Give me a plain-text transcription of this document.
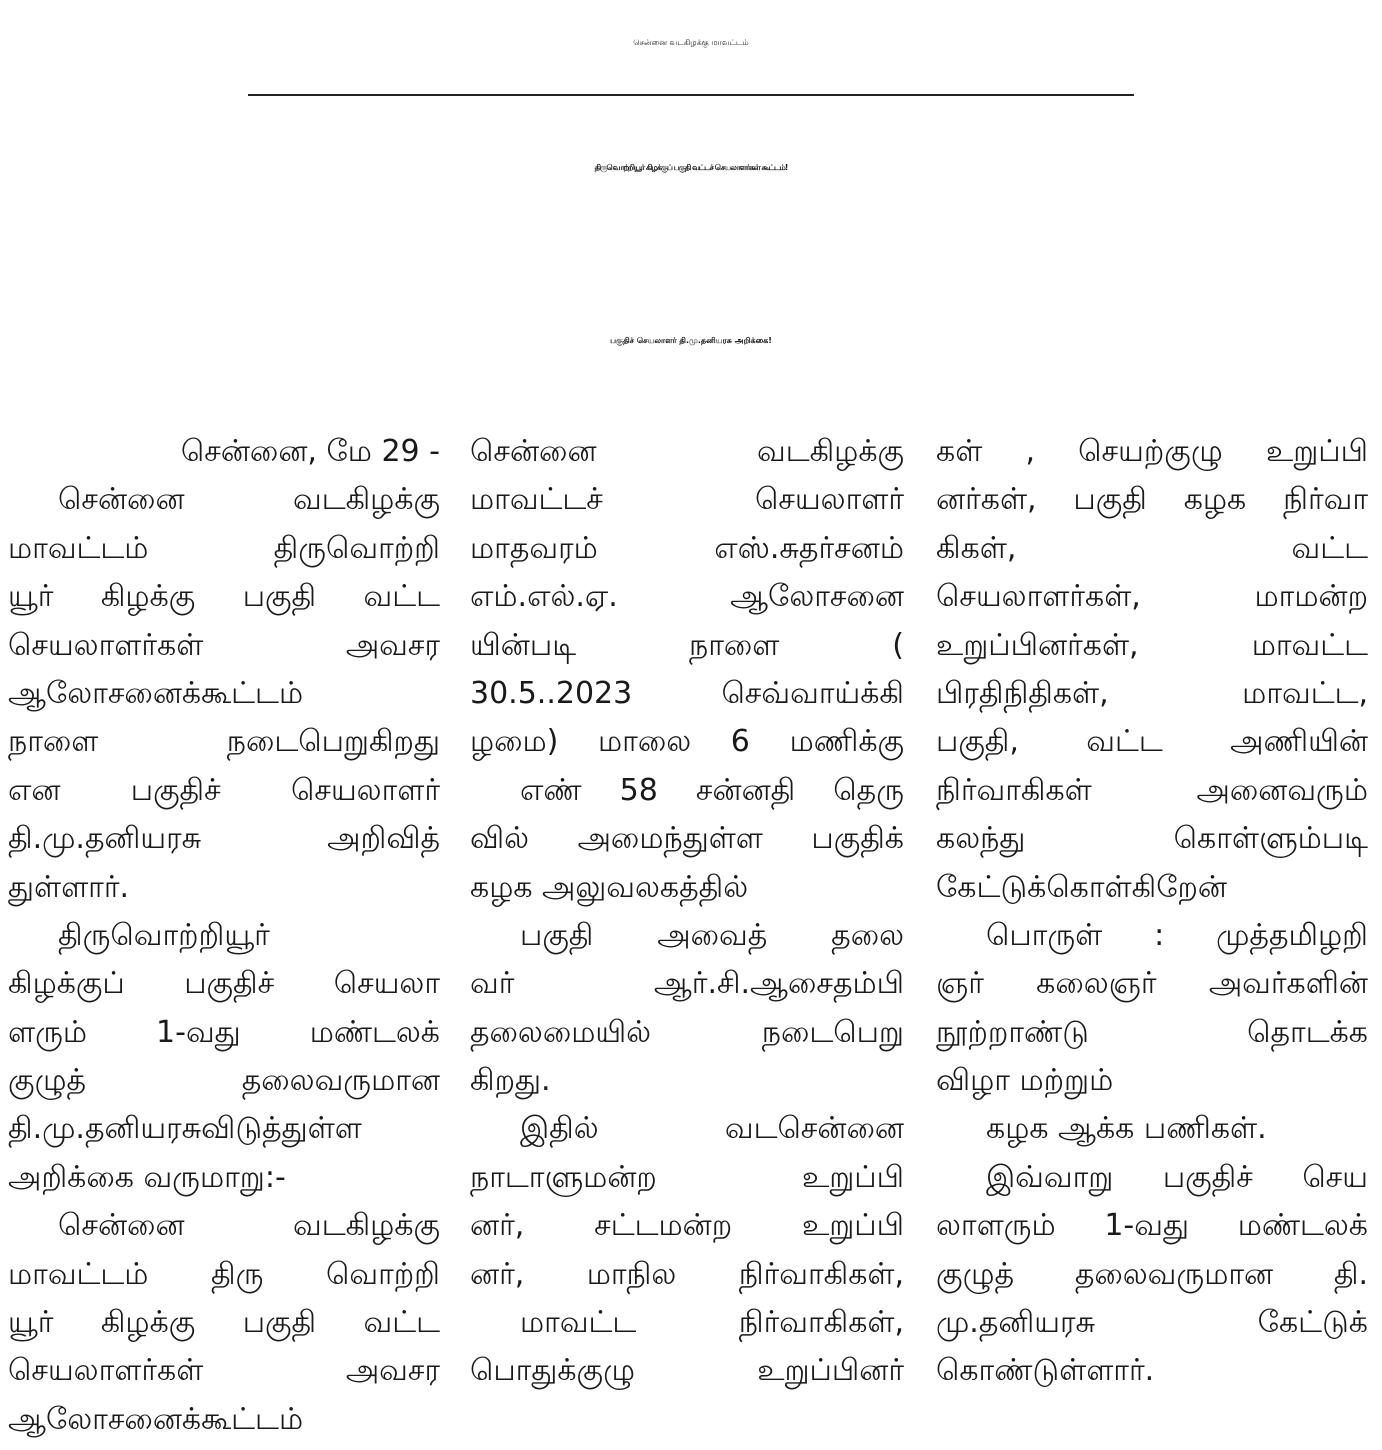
சென்னை வடகிழக்கு மாவட்டம்
திருவொற்றியூர் கிழக்குப் பகுதி வட்டச் செயலாளர்கள் கூட்டம்!
பகுதிச் செயலாளர் தி.மு.தனியரசு அறிக்கை!
சென்னை, மே 29 -
சென்னை வடகிழக்கு
மாவட்டம் திருவொற்றி
யூர் கிழக்கு பகுதி வட்ட
செயலாளர்கள் அவசர
ஆலோசனைக்கூட்டம்
நாளை நடைபெறுகிறது
என பகுதிச் செயலாளர்
தி.மு.தனியரசு அறிவித்
துள்ளார்.
திருவொற்றியூர்
கிழக்குப் பகுதிச் செயலா
ளரும் 1-வது மண்டலக்
குழுத் தலைவருமான
தி.மு.தனியரசுவிடுத்துள்ள
அறிக்கை வருமாறு:-
சென்னை வடகிழக்கு
மாவட்டம் திரு வொற்றி
யூர் கிழக்கு பகுதி வட்ட
செயலாளர்கள் அவசர
ஆலோசனைக்கூட்டம்
சென்னை வடகிழக்கு
மாவட்டச் செயலாளர்
மாதவரம் எஸ்.சுதர்சனம்
எம்.எல்.ஏ. ஆலோசனை
யின்படி நாளை (
30.5..2023 செவ்வாய்க்கி
ழமை) மாலை 6 மணிக்கு
எண் 58 சன்னதி தெரு
வில் அமைந்துள்ள பகுதிக்
கழக அலுவலகத்தில்
பகுதி அவைத் தலை
வர் ஆர்.சி.ஆசைதம்பி
தலைமையில் நடைபெறு
கிறது.
இதில் வடசென்னை
நாடாளுமன்ற உறுப்பி
னர், சட்டமன்ற உறுப்பி
னர், மாநில நிர்வாகிகள்,
மாவட்ட நிர்வாகிகள்,
பொதுக்குழு உறுப்பினர்
கள் , செயற்குழு உறுப்பி
னர்கள், பகுதி கழக நிர்வா
கிகள், வட்ட
செயலாளர்கள், மாமன்ற
உறுப்பினர்கள், மாவட்ட
பிரதிநிதிகள், மாவட்ட,
பகுதி, வட்ட அணியின்
நிர்வாகிகள் அனைவரும்
கலந்து கொள்ளும்படி
கேட்டுக்கொள்கிறேன்
பொருள் : முத்தமிழறி
ஞர் கலைஞர் அவர்களின்
நூற்றாண்டு தொடக்க
விழா மற்றும்
கழக ஆக்க பணிகள்.
இவ்வாறு பகுதிச் செய
லாளரும் 1-வது மண்டலக்
குழுத் தலைவருமான தி.
மு.தனியரசு கேட்டுக்
கொண்டுள்ளார்.
